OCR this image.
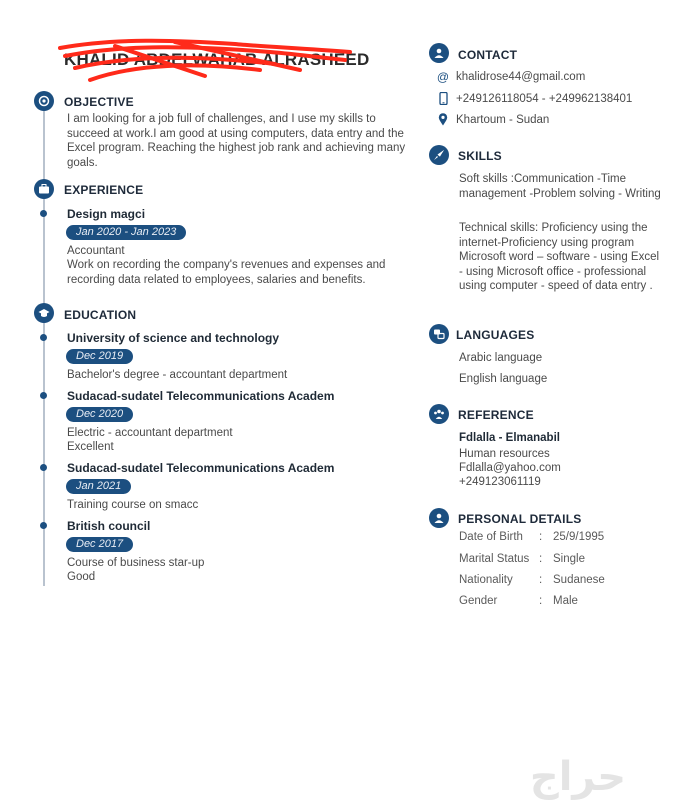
KHALID ABDELWAHAB ALRASHEED
OBJECTIVE
I am looking for a job full of challenges, and I use my skills to succeed at work.I am good at using computers, data entry and the Excel program. Reaching the highest job rank and achieving many goals.
EXPERIENCE
Design magci
Jan 2020 - Jan 2023
Accountant
Work on recording the company's revenues and expenses and recording data related to employees, salaries and benefits.
EDUCATION
University of science and technology
Dec 2019
Bachelor's degree - accountant department
Sudacad-sudatel Telecommunications Academ
Dec 2020
Electric - accountant department
Excellent
Sudacad-sudatel Telecommunications Academ
Jan 2021
Training course on smacc
British council
Dec 2017
Course of business star-up
Good
CONTACT
@ khalidrose44@gmail.com
+249126118054 - +249962138401
Khartoum - Sudan
SKILLS
Soft skills :Communication -Time management -Problem solving - Writing
Technical skills: Proficiency using the internet-Proficiency using program Microsoft word – software - using Excel - using Microsoft office - professional using computer - speed of data entry .
LANGUAGES
Arabic language
English language
REFERENCE
Fdlalla - Elmanabil
Human resources
Fdlalla@yahoo.com
+249123061119
PERSONAL DETAILS
Date of Birth : 25/9/1995
Marital Status : Single
Nationality : Sudanese
Gender	: Male
حراج
